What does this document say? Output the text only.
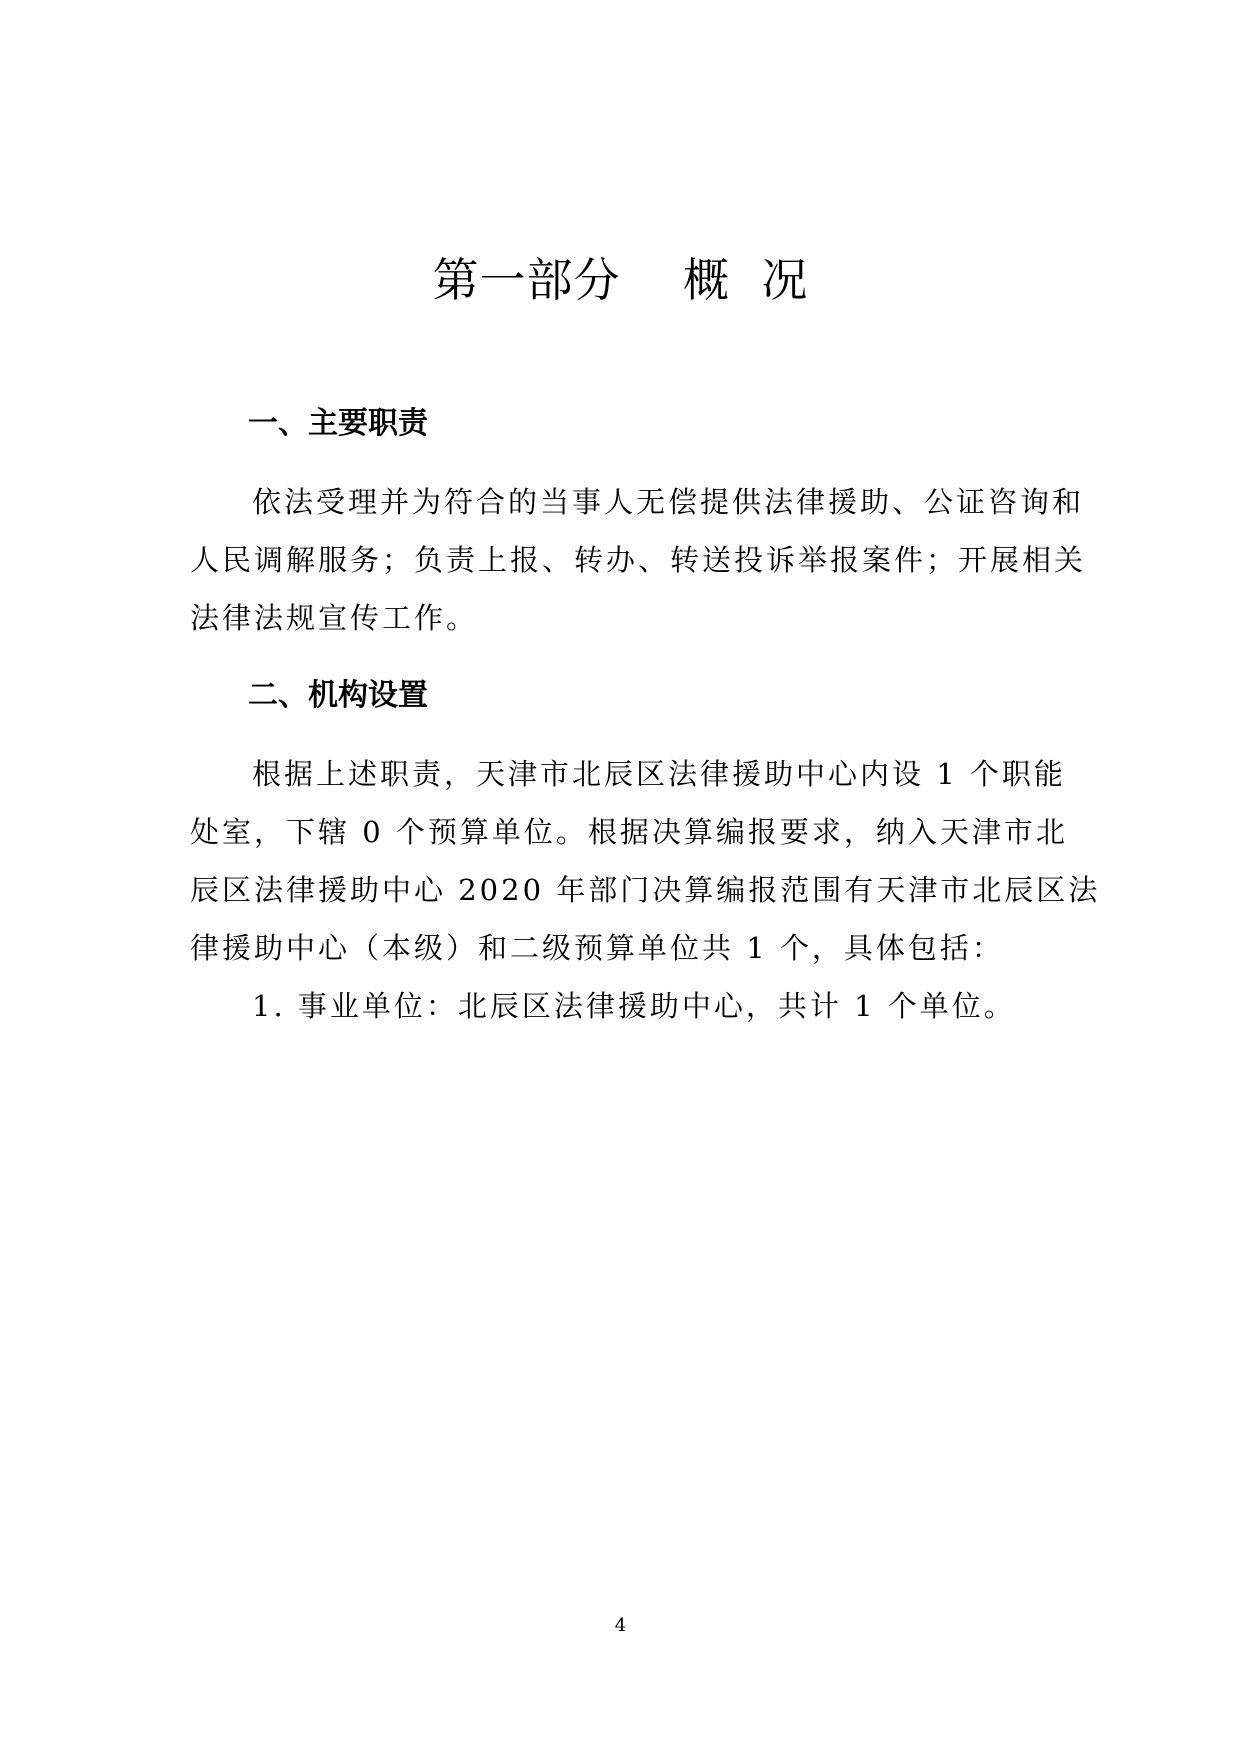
第一部分    概  况
一、主要职责
依法受理并为符合的当事人无偿提供法律援助、公证咨询和
人民调解服务；负责上报、转办、转送投诉举报案件；开展相关
法律法规宣传工作。
二、机构设置
根据上述职责，天津市北辰区法律援助中心内设 1 个职能
处室，下辖 0 个预算单位。根据决算编报要求，纳入天津市北
辰区法律援助中心 2020 年部门决算编报范围有天津市北辰区法
律援助中心（本级）和二级预算单位共 1 个，具体包括：
1. 事业单位：北辰区法律援助中心，共计 1 个单位。
4
